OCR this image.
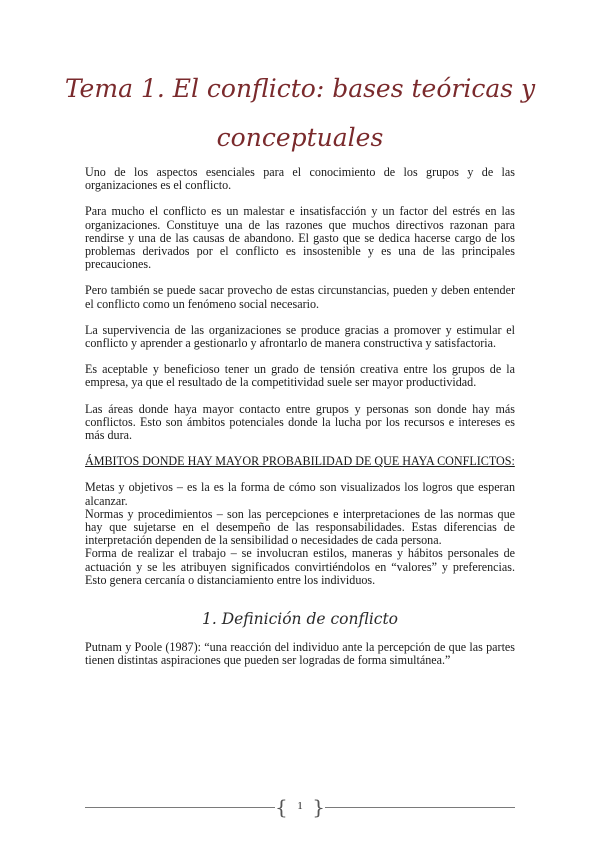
Tema 1. El conflicto: bases teóricas y
conceptuales

Uno de los aspectos esenciales para el conocimiento de los grupos y de las organizaciones es el conflicto.

Para mucho el conflicto es un malestar e insatisfacción y un factor del estrés en las organizaciones. Constituye una de las razones que muchos directivos razonan para rendirse y una de las causas de abandono. El gasto que se dedica hacerse cargo de los problemas derivados por el conflicto es insostenible y es una de las principales precauciones.

Pero también se puede sacar provecho de estas circunstancias, pueden y deben entender el conflicto como un fenómeno social necesario.

La supervivencia de las organizaciones se produce gracias a promover y estimular el conflicto y aprender a gestionarlo y afrontarlo de manera constructiva y satisfactoria.

Es aceptable y beneficioso tener un grado de tensión creativa entre los grupos de la empresa, ya que el resultado de la competitividad suele ser mayor productividad.

Las áreas donde haya mayor contacto entre grupos y personas son donde hay más conflictos. Esto son ámbitos potenciales donde la lucha por los recursos e intereses es más dura.

ÁMBITOS DONDE HAY MAYOR PROBABILIDAD DE QUE HAYA CONFLICTOS:

Metas y objetivos – es la es la forma de cómo son visualizados los logros que esperan alcanzar.

Normas y procedimientos – son las percepciones e interpretaciones de las normas que hay que sujetarse en el desempeño de las responsabilidades. Estas diferencias de interpretación dependen de la sensibilidad o necesidades de cada persona.

Forma de realizar el trabajo – se involucran estilos, maneras y hábitos personales de actuación y se les atribuyen significados convirtiéndolos en “valores” y preferencias. Esto genera cercanía o distanciamiento entre los individuos.

1. Definición de conflicto

Putnam y Poole (1987): “una reacción del individuo ante la percepción de que las partes tienen distintas aspiraciones que pueden ser logradas de forma simultánea.”

{ 1 }
